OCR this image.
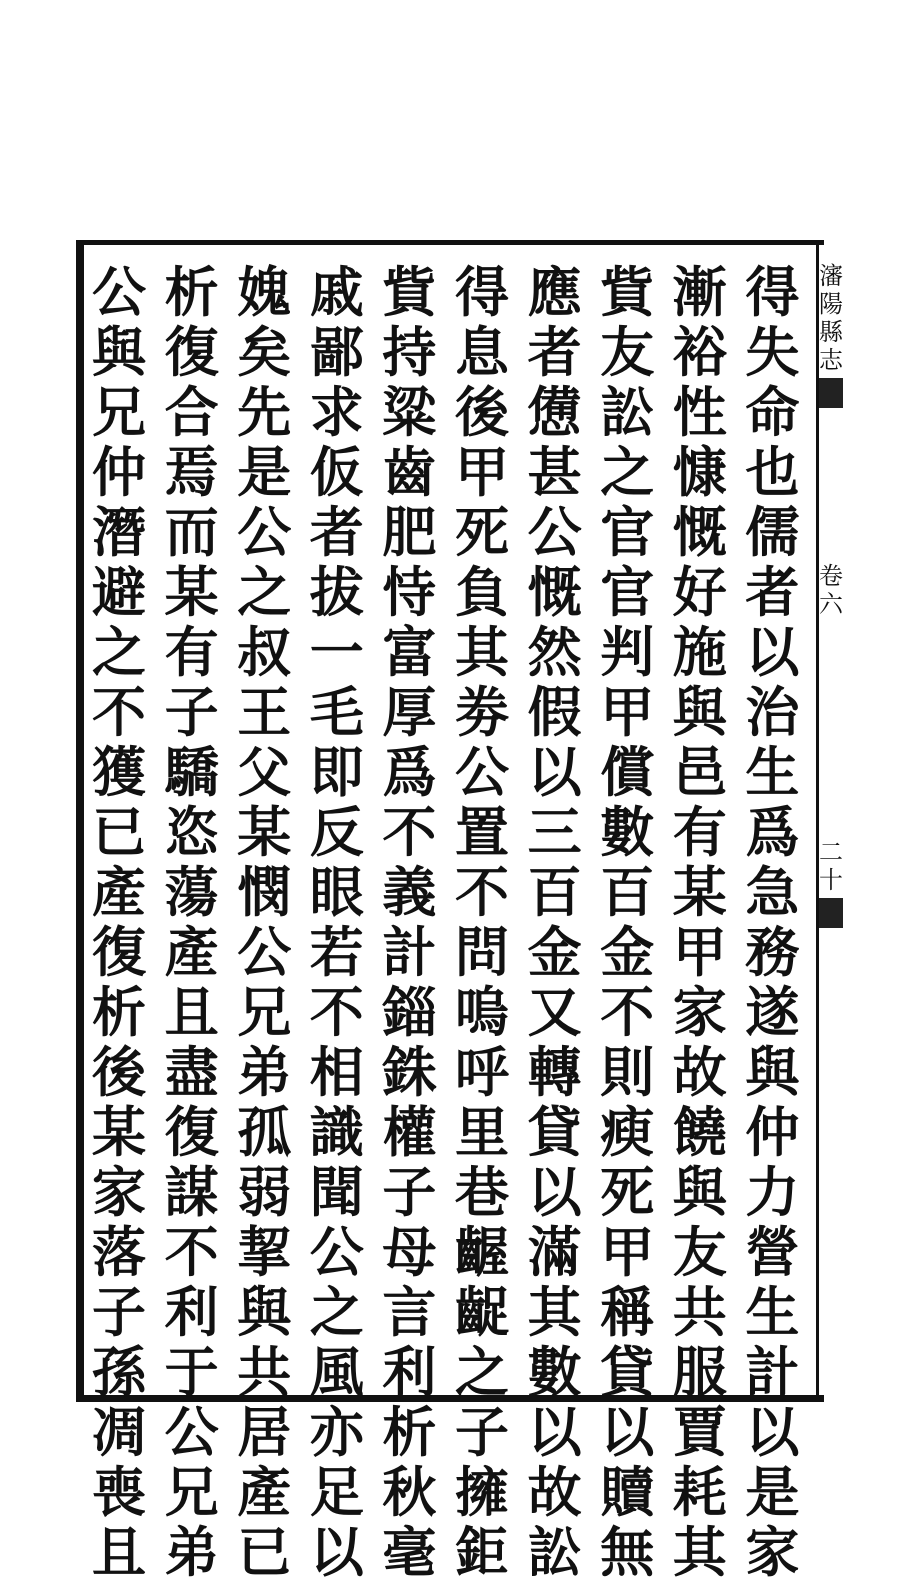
瀋
陽
縣
志
卷
六
二
十
得
失
命
也
儒
者
以
治
生
爲
急
務
遂
與
仲
力
營
生
計
以
是
家
漸
裕
性
慷
慨
好
施
與
邑
有
某
甲
家
故
饒
與
友
共
服
賈
耗
其
貲
友
訟
之
官
官
判
甲
償
數
百
金
不
則
瘐
死
甲
稱
貸
以
贖
無
應
者
憊
甚
公
慨
然
假
以
三
百
金
又
轉
貸
以
滿
其
數
以
故
訟
得
息
後
甲
死
負
其
劵
公
置
不
問
嗚
呼
里
巷
齷
齪
之
子
擁
鉅
貲
持
粱
齒
肥
恃
富
厚
爲
不
義
計
錙
銖
權
子
母
言
利
析
秋
毫
戚
鄙
求
仮
者
拔
一
毛
即
反
眼
若
不
相
識
聞
公
之
風
亦
足
以
媿
矣
先
是
公
之
叔
王
父
某
憫
公
兄
弟
孤
弱
挈
與
共
居
產
已
析
復
合
焉
而
某
有
子
驕
恣
蕩
產
且
盡
復
謀
不
利
于
公
兄
弟
公
與
兄
仲
潛
避
之
不
獲
已
產
復
析
後
某
家
落
子
孫
凋
喪
且
